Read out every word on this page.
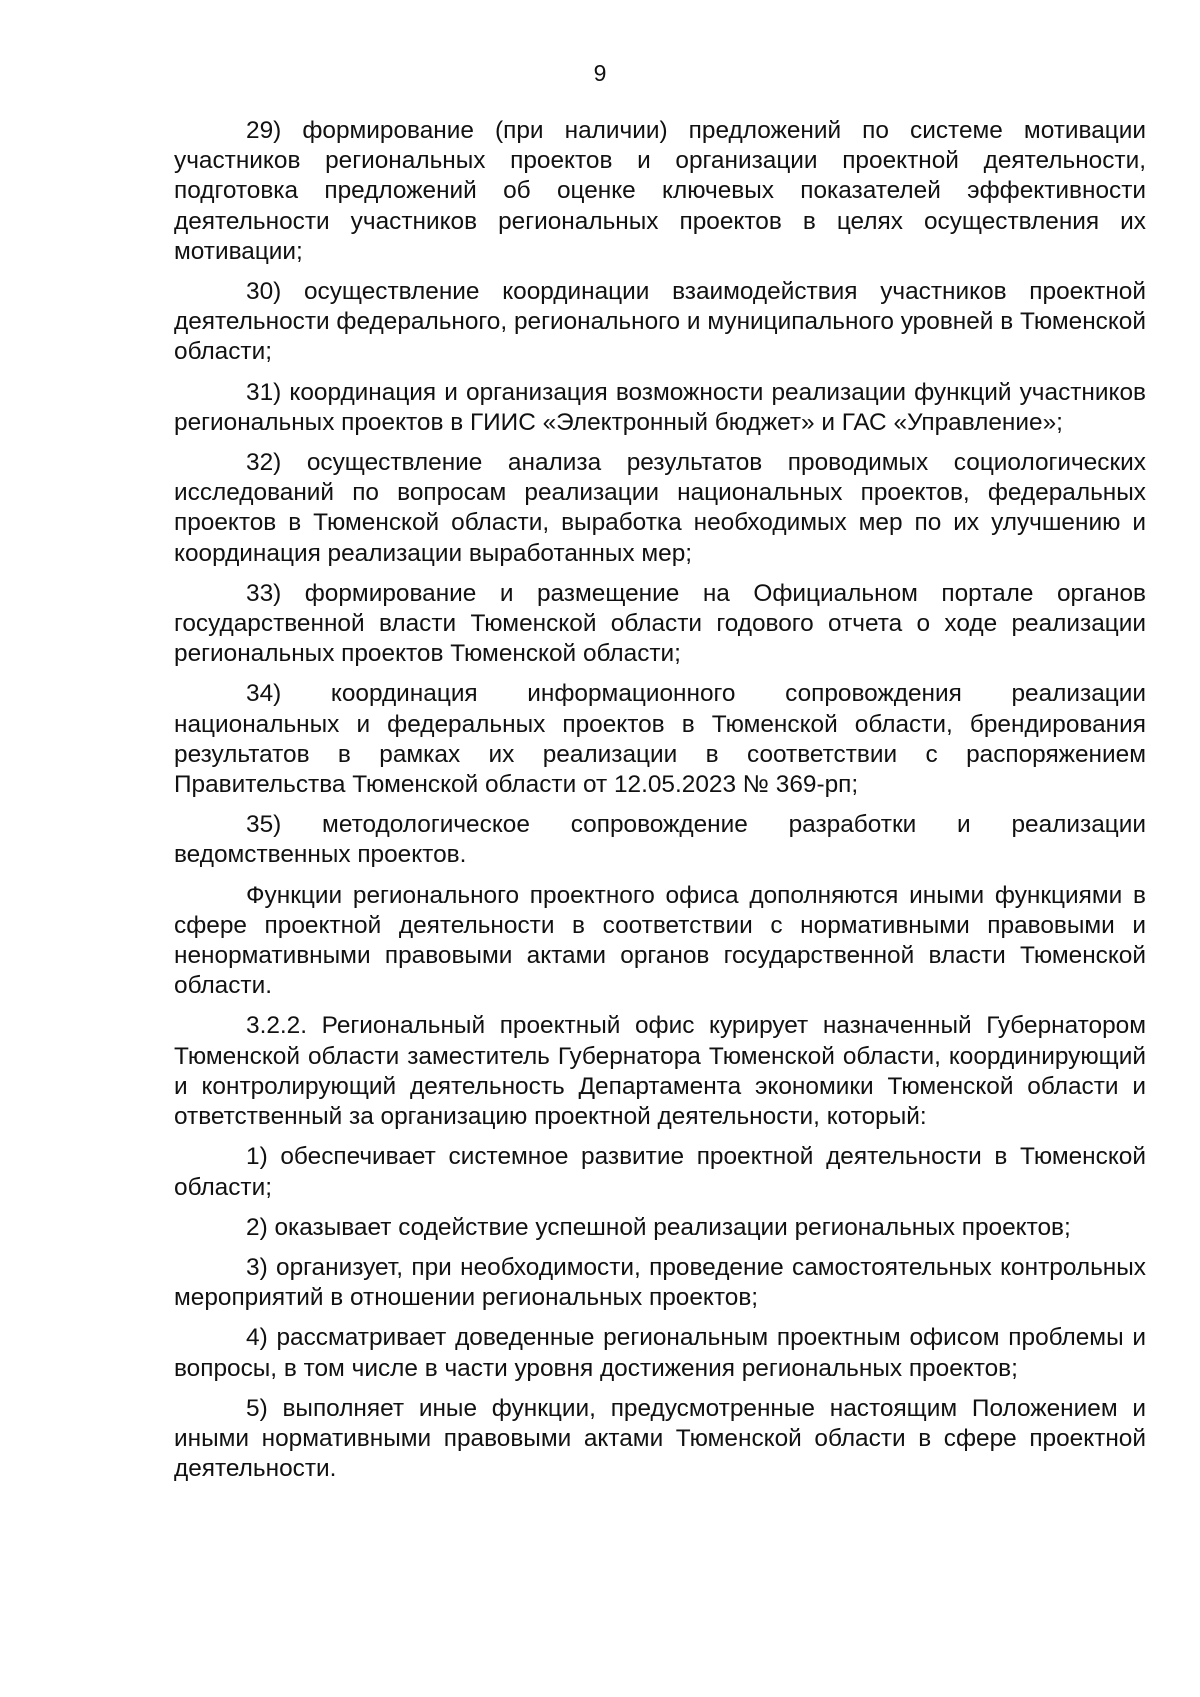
9

29) формирование (при наличии) предложений по системе мотивации участников региональных проектов и организации проектной деятельности, подготовка предложений об оценке ключевых показателей эффективности деятельности участников региональных проектов в целях осуществления их мотивации;

30) осуществление координации взаимодействия участников проектной деятельности федерального, регионального и муниципального уровней в Тюменской области;

31) координация и организация возможности реализации функций участников региональных проектов в ГИИС «Электронный бюджет» и ГАС «Управление»;

32) осуществление анализа результатов проводимых социологических исследований по вопросам реализации национальных проектов, федеральных проектов в Тюменской области, выработка необходимых мер по их улучшению и координация реализации выработанных мер;

33) формирование и размещение на Официальном портале органов государственной власти Тюменской области годового отчета о ходе реализации региональных проектов Тюменской области;

34) координация информационного сопровождения реализации национальных и федеральных проектов в Тюменской области, брендирования результатов в рамках их реализации в соответствии с распоряжением Правительства Тюменской области от 12.05.2023 № 369-рп;

35) методологическое сопровождение разработки и реализации ведомственных проектов.

Функции регионального проектного офиса дополняются иными функциями в сфере проектной деятельности в соответствии с нормативными правовыми и ненормативными правовыми актами органов государственной власти Тюменской области.

3.2.2. Региональный проектный офис курирует назначенный Губернатором Тюменской области заместитель Губернатора Тюменской области, координирующий и контролирующий деятельность Департамента экономики Тюменской области и ответственный за организацию проектной деятельности, который:

1) обеспечивает системное развитие проектной деятельности в Тюменской области;

2) оказывает содействие успешной реализации региональных проектов;

3) организует, при необходимости, проведение самостоятельных контрольных мероприятий в отношении региональных проектов;

4) рассматривает доведенные региональным проектным офисом проблемы и вопросы, в том числе в части уровня достижения региональных проектов;

5) выполняет иные функции, предусмотренные настоящим Положением и иными нормативными правовыми актами Тюменской области в сфере проектной деятельности.
